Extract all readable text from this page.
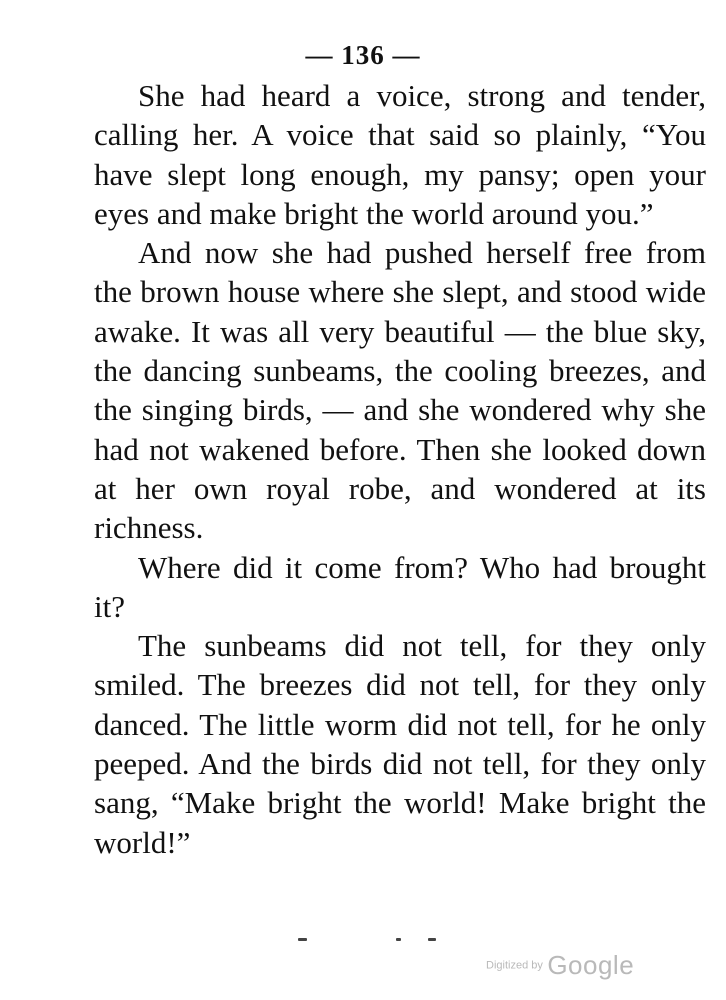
— 136 —

She had heard a voice, strong and tender, calling her. A voice that said so plainly, “You have slept long enough, my pansy; open your eyes and make bright the world around you.”

And now she had pushed herself free from the brown house where she slept, and stood wide awake. It was all very beautiful — the blue sky, the dancing sunbeams, the cooling breezes, and the singing birds, — and she wondered why she had not wakened before. Then she looked down at her own royal robe, and wondered at its richness.

Where did it come from? Who had brought it?

The sunbeams did not tell, for they only smiled. The breezes did not tell, for they only danced. The little worm did not tell, for he only peeped. And the birds did not tell, for they only sang, “Make bright the world! Make bright the world!”

Digitized by Google
